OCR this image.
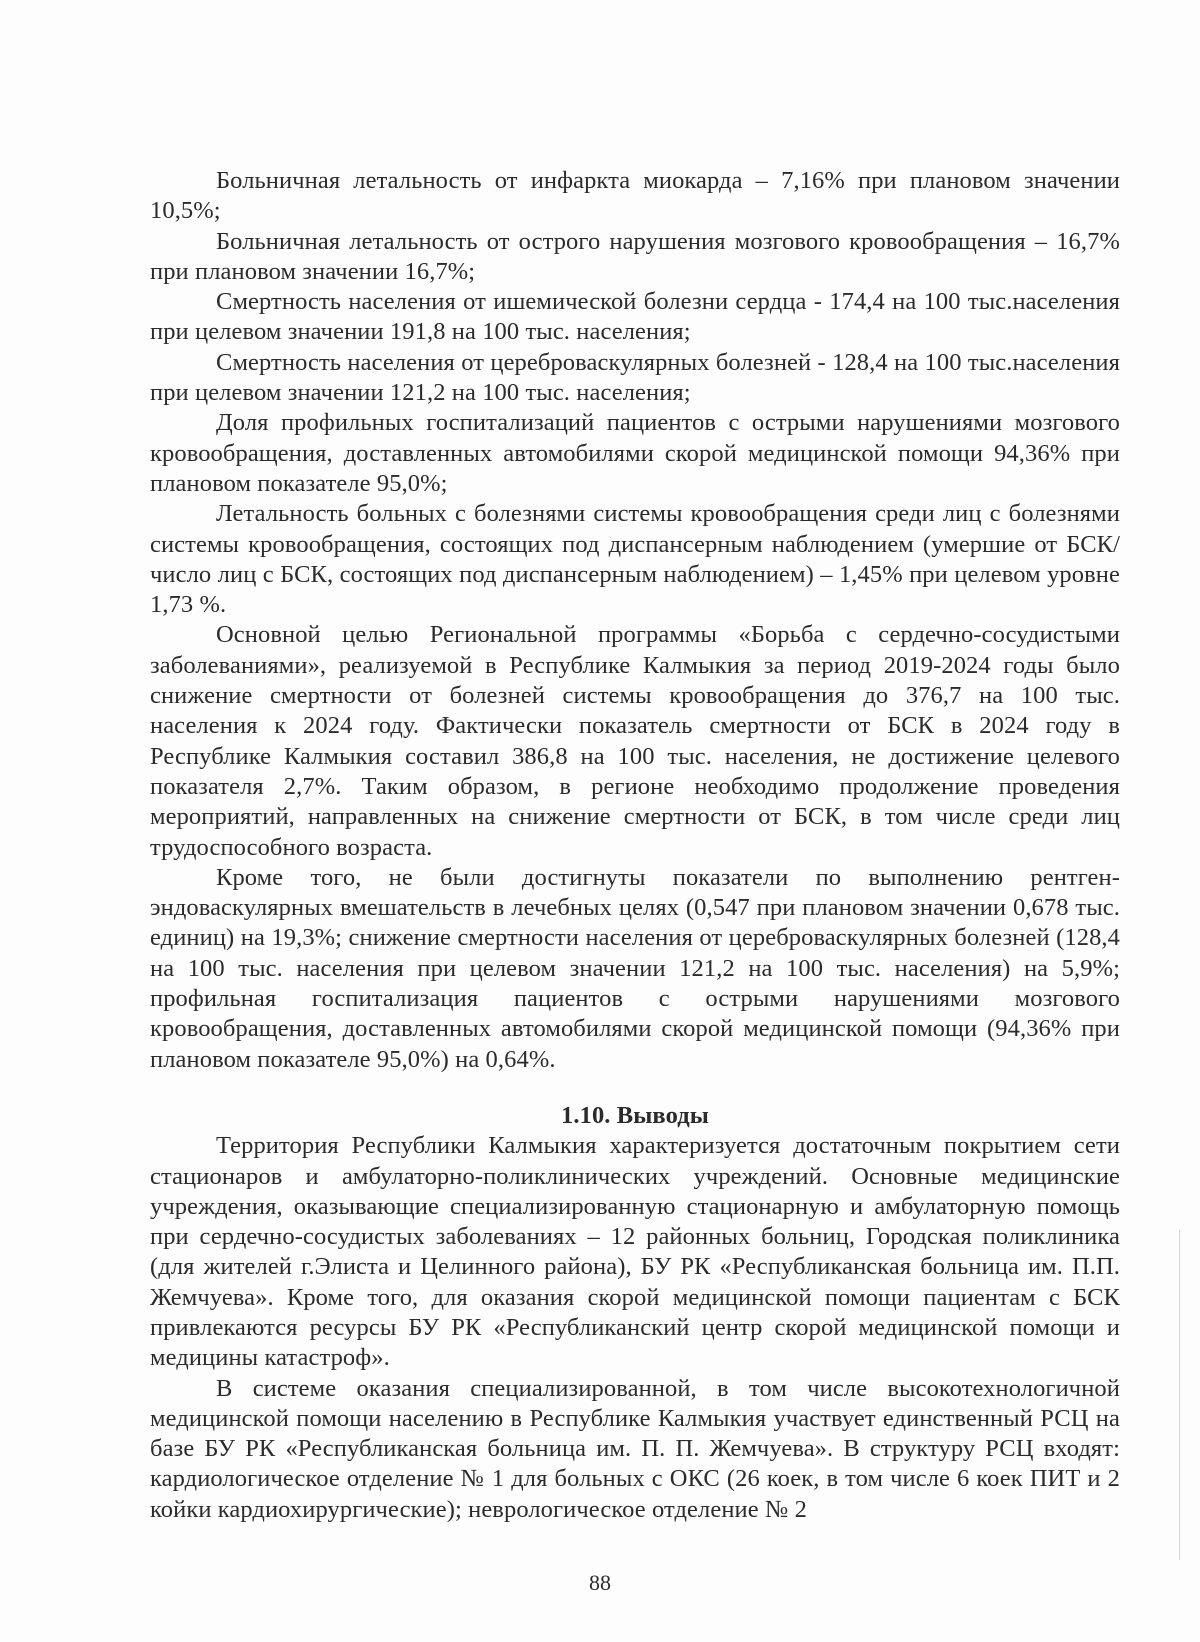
Больничная летальность от инфаркта миокарда – 7,16% при плановом значении 10,5%;

Больничная летальность от острого нарушения мозгового кровообращения – 16,7% при плановом значении 16,7%;

Смертность населения от ишемической болезни сердца - 174,4 на 100 тыс.населения при целевом значении 191,8 на 100 тыс. населения;

Смертность населения от цереброваскулярных болезней - 128,4 на 100 тыс.населения при целевом значении 121,2 на 100 тыс. населения;

Доля профильных госпитализаций пациентов с острыми нарушениями мозгового кровообращения, доставленных автомобилями скорой медицинской помощи 94,36% при плановом показателе 95,0%;

Летальность больных с болезнями системы кровообращения среди лиц с болезнями системы кровообращения, состоящих под диспансерным наблюдением (умершие от БСК/ число лиц с БСК, состоящих под диспансерным наблюдением) – 1,45% при целевом уровне 1,73 %.

Основной целью Региональной программы «Борьба с сердечно-сосудистыми заболеваниями», реализуемой в Республике Калмыкия за период 2019-2024 годы было снижение смертности от болезней системы кровообращения до 376,7 на 100 тыс. населения к 2024 году. Фактически показатель смертности от БСК в 2024 году в Республике Калмыкия составил 386,8 на 100 тыс. населения, не достижение целевого показателя 2,7%. Таким образом, в регионе необходимо продолжение проведения мероприятий, направленных на снижение смертности от БСК, в том числе среди лиц трудоспособного возраста.

Кроме того, не были достигнуты показатели по выполнению рентген-эндоваскулярных вмешательств в лечебных целях (0,547 при плановом значении 0,678 тыс. единиц) на 19,3%; снижение смертности населения от цереброваскулярных болезней (128,4 на 100 тыс. населения при целевом значении 121,2 на 100 тыс. населения) на 5,9%; профильная госпитализация пациентов с острыми нарушениями мозгового кровообращения, доставленных автомобилями скорой медицинской помощи (94,36% при плановом показателе 95,0%) на 0,64%.

1.10. Выводы

Территория Республики Калмыкия характеризуется достаточным покрытием сети стационаров и амбулаторно-поликлинических учреждений. Основные медицинские учреждения, оказывающие специализированную стационарную и амбулаторную помощь при сердечно-сосудистых заболеваниях – 12 районных больниц, Городская поликлиника (для жителей г.Элиста и Целинного района), БУ РК «Республиканская больница им. П.П. Жемчуева». Кроме того, для оказания скорой медицинской помощи пациентам с БСК привлекаются ресурсы БУ РК «Республиканский центр скорой медицинской помощи и медицины катастроф».

В системе оказания специализированной, в том числе высокотехнологичной медицинской помощи населению в Республике Калмыкия участвует единственный РСЦ на базе БУ РК «Республиканская больница им. П. П. Жемчуева». В структуру РСЦ входят: кардиологическое отделение № 1 для больных с ОКС (26 коек, в том числе 6 коек ПИТ и 2 койки кардиохирургические); неврологическое отделение № 2

88
